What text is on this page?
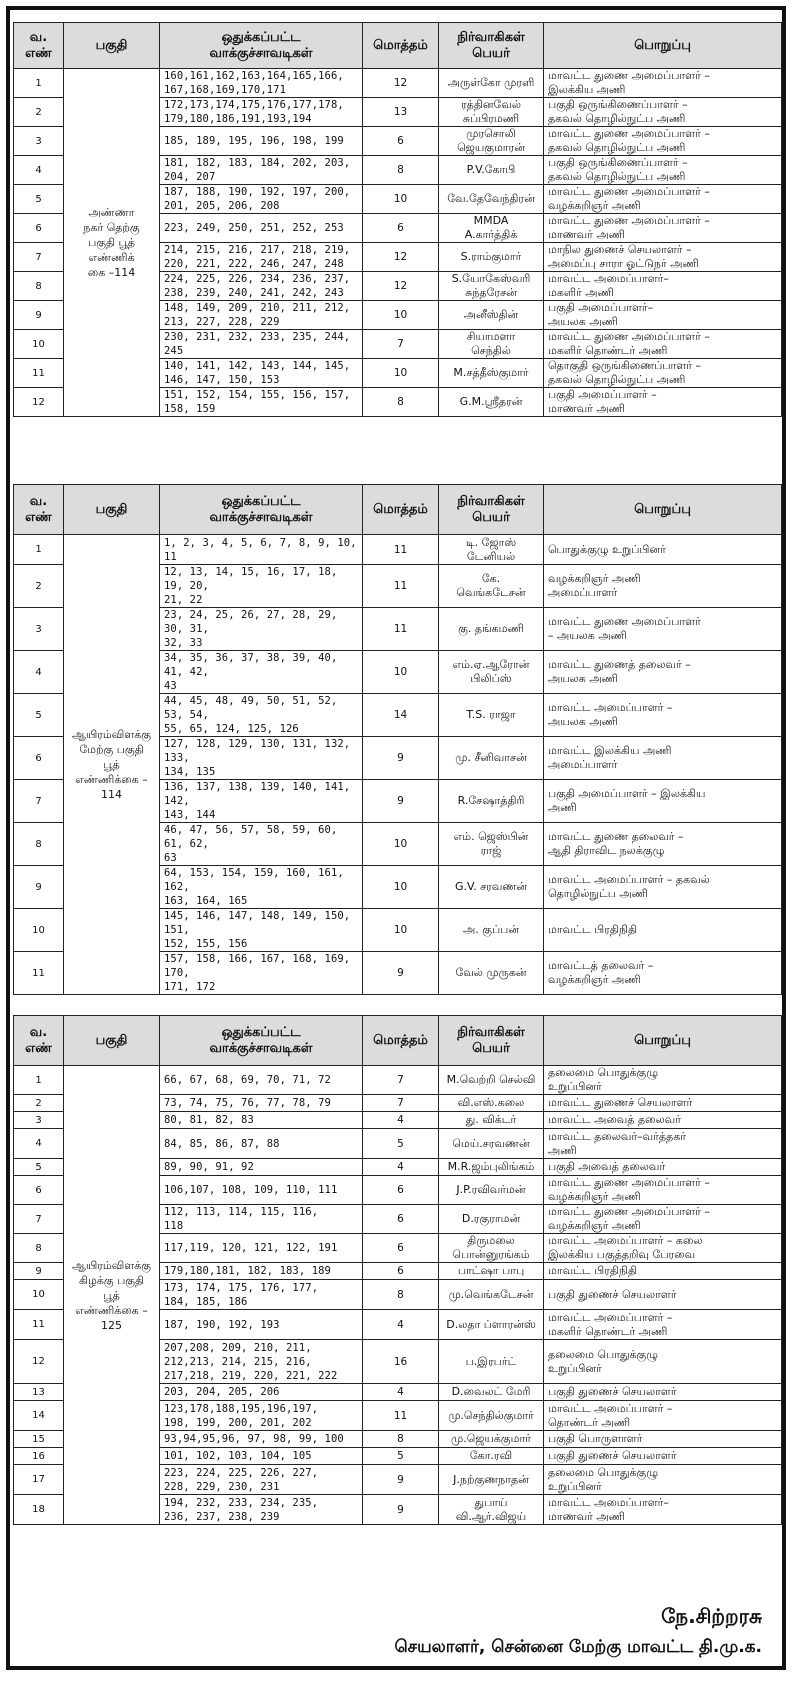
வ.
எண்	பகுதி	ஒதுக்கப்பட்ட
வாக்குச்சாவடிகள்	மொத்தம்	நிர்வாகிகள்
பெயர்	பொறுப்பு
1	அண்ணா
நகர் தெற்கு
பகுதி பூத்
எண்ணிக்
கை –114	160,161,162,163,164,165,166,
167,168,169,170,171	12	அருள்கோ முரளி	மாவட்ட துணை அமைப்பாளர் –
இலக்கிய அணி
2		172,173,174,175,176,177,178,
179,180,186,191,193,194	13	ரத்தினவேல்
சுப்பிரமணி	பகுதி ஒருங்கிணைப்பாளர் –
தகவல் தொழில்நுட்ப அணி
3		185, 189, 195, 196, 198, 199	6	முரசொலி
ஜெயகுமாரன்	மாவட்ட துணை அமைப்பாளர் –
தகவல் தொழில்நுட்ப அணி
4		181, 182, 183, 184, 202, 203,
204, 207	8	P.V.கோபி	பகுதி ஒருங்கிணைப்பாளர் –
தகவல் தொழில்நுட்ப அணி
5		187, 188, 190, 192, 197, 200,
201, 205, 206, 208	10	வே.தேவேந்திரன்	மாவட்ட துணை அமைப்பாளர் –
வழக்கறிஞர் அணி
6		223, 249, 250, 251, 252, 253	6	MMDA
A.கார்த்திக்	மாவட்ட துணை அமைப்பாளர் –
மாணவர் அணி
7		214, 215, 216, 217, 218, 219,
220, 221, 222, 246, 247, 248	12	S.ராம்குமார்	மாநில துணைச் செயலாளர் –
அமைப்பு சாரா ஓட்டுநர் அணி
8		224, 225, 226, 234, 236, 237,
238, 239, 240, 241, 242, 243	12	S.யோகேஸ்வரி
சுந்தரேசன்	மாவட்ட அமைப்பாளர்–
மகளிர் அணி
9		148, 149, 209, 210, 211, 212,
213, 227, 228, 229	10	அனீஸ்தின்	பகுதி அமைப்பாளர்–
அயலக அணி
10		230, 231, 232, 233, 235, 244,
245	7	சியாமளா
செந்தில்	மாவட்ட துணை அமைப்பாளர் –
மகளிர் தொண்டர் அணி
11		140, 141, 142, 143, 144, 145,
146, 147, 150, 153	10	M.சத்தீஸ்குமார்	தொகுதி ஒருங்கிணைப்பாளர் –
தகவல் தொழில்நுட்ப அணி
12		151, 152, 154, 155, 156, 157,
158, 159	8	G.M.ஸ்ரீதரன்	பகுதி அமைப்பாளர் –
மாணவர் அணி
வ.
எண்	பகுதி	ஒதுக்கப்பட்ட
வாக்குச்சாவடிகள்	மொத்தம்	நிர்வாகிகள்
பெயர்	பொறுப்பு
1	ஆயிரம்விளக்கு
மேற்கு பகுதி
பூத்
எண்ணிக்கை –
114	1, 2, 3, 4, 5, 6, 7, 8, 9, 10, 11	11	டி. ஜோஸ்
டேனியல்	பொதுக்குழு உறுப்பினர்
2		12, 13, 14, 15, 16, 17, 18, 19, 20,
21, 22	11	கே.
வெங்கடேசன்	வழக்கறிஞர் அணி
அமைப்பாளர்
3		23, 24, 25, 26, 27, 28, 29, 30, 31,
32, 33	11	கு. தங்கமணி	மாவட்ட துணை அமைப்பாளர்
– அயலக அணி
4		34, 35, 36, 37, 38, 39, 40, 41, 42,
43	10	எம்.ஏ.ஆரோன்
பிலிப்ஸ்	மாவட்ட துணைத் தலைவர் –
அயலக அணி
5		44, 45, 48, 49, 50, 51, 52, 53, 54,
55, 65, 124, 125, 126	14	T.S. ராஜா	மாவட்ட அமைப்பாளர் –
அயலக அணி
6		127, 128, 129, 130, 131, 132, 133,
134, 135	9	மு. சீனிவாசன்	மாவட்ட இலக்கிய அணி
அமைப்பாளர்
7		136, 137, 138, 139, 140, 141, 142,
143, 144	9	R.சேஷாத்திரி	பகுதி அமைப்பாளர் – இலக்கிய
அணி
8		46, 47, 56, 57, 58, 59, 60, 61, 62,
63	10	எம். ஜெஸ்பின்
ராஜ்	மாவட்ட துணை தலைவர் –
ஆதி திராவிட நலக்குழு
9		64, 153, 154, 159, 160, 161, 162,
163, 164, 165	10	G.V. சரவணன்	மாவட்ட அமைப்பாளர் – தகவல்
தொழில்நுட்ப அணி
10		145, 146, 147, 148, 149, 150, 151,
152, 155, 156	10	அ. குப்பன்	மாவட்ட பிரதிநிதி
11		157, 158, 166, 167, 168, 169, 170,
171, 172	9	வேல் முருகன்	மாவட்டத் தலைவர் –
வழக்கறிஞர் அணி
வ.
எண்	பகுதி	ஒதுக்கப்பட்ட
வாக்குச்சாவடிகள்	மொத்தம்	நிர்வாகிகள்
பெயர்	பொறுப்பு
1	ஆயிரம்விளக்கு
கிழக்கு பகுதி
பூத்
எண்ணிக்கை –
125	66, 67, 68, 69, 70, 71, 72	7	M.வெற்றி செல்வி	தலைமை பொதுக்குழு
உறுப்பினர்
2		73, 74, 75, 76, 77, 78, 79	7	வி.எஸ்.கலை	மாவட்ட துணைச் செயலாளர்
3		80, 81, 82, 83	4	து. விக்டர்	மாவட்ட அவைத் தலைவர்
4		84, 85, 86, 87, 88	5	மெய்.சரவணன்	மாவட்ட தலைவர்–வர்த்தகர்
அணி
5		89, 90, 91, 92	4	M.R.ஜம்புலிங்கம்	பகுதி அவைத் தலைவர்
6		106,107, 108, 109, 110, 111	6	J.P.ரவிவர்மன்	மாவட்ட துணை அமைப்பாளர் –
வழக்கறிஞர் அணி
7		112, 113, 114, 115, 116,
118	6	D.ரகுராமன்	மாவட்ட துணை அமைப்பாளர் –
வழக்கறிஞர் அணி
8		117,119, 120, 121, 122, 191	6	திருமலை
பொன்னுரங்கம்	மாவட்ட அமைப்பாளர் – கலை
இலக்கிய பகுத்தறிவு பேரவை
9		179,180,181, 182, 183, 189	6	பாட்ஷா பாபு	மாவட்ட பிரதிநிதி
10		173, 174, 175, 176, 177,
184, 185, 186	8	மு.வெங்கடேசன்	பகுதி துணைச் செயலாளர்
11		187, 190, 192, 193	4	D.லதா ப்ளாரன்ஸ்	மாவட்ட அமைப்பாளர் –
மகளிர் தொண்டர் அணி
12		207,208, 209, 210, 211,
212,213, 214, 215, 216,
217,218, 219, 220, 221, 222	16	ப.இரபர்ட்	தலைமை பொதுக்குழு
உறுப்பினர்
13		203, 204, 205, 206	4	D.வைலட் மேரி	பகுதி துணைச் செயலாளர்
14		123,178,188,195,196,197,
198, 199, 200, 201, 202	11	மு.செந்தில்குமார்	மாவட்ட அமைப்பாளர் –
தொண்டர் அணி
15		93,94,95,96, 97, 98, 99, 100	8	மு.ஜெயக்குமார்	பகுதி பொருளாளர்
16		101, 102, 103, 104, 105	5	கோ.ரவி	பகுதி துணைச் செயலாளர்
17		223, 224, 225, 226, 227,
228, 229, 230, 231	9	J.நற்குணநாதன்	தலைமை பொதுக்குழு
உறுப்பினர்
18		194, 232, 233, 234, 235,
236, 237, 238, 239	9	துபாய்
வி.ஆர்.விஜய்	மாவட்ட அமைப்பாளர்–
மாணவர் அணி
நே.சிற்றரசு
செயலாளர், சென்னை மேற்கு மாவட்ட தி.மு.க.
